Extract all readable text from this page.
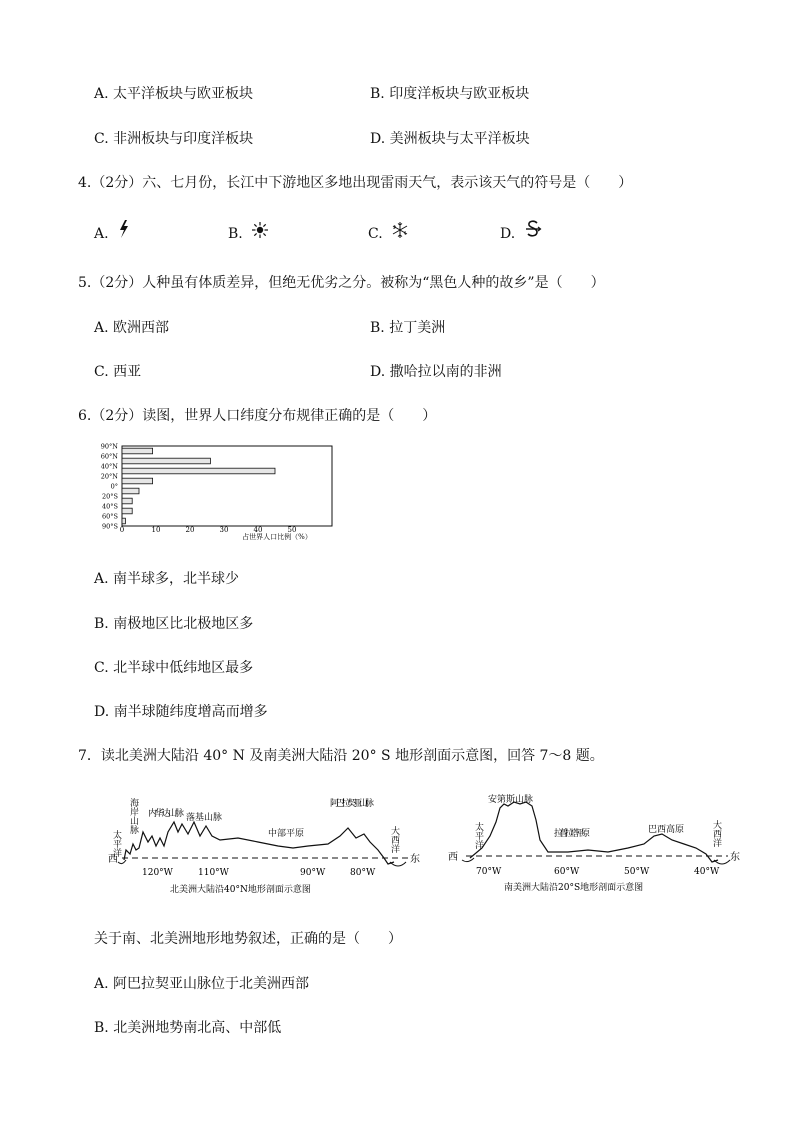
A. 太平洋板块与欧亚板块	B. 印度洋板块与欧亚板块
C. 非洲板块与印度洋板块	D. 美洲板块与太平洋板块
4.（2分）六、七月份，长江中下游地区多地出现雷雨天气，表示该天气的符号是（　　）
A.	B.	C.	D.
5.（2分）人种虽有体质差异，但绝无优劣之分。被称为“黑色人种的故乡”是（　　）
A. 欧洲西部	B. 拉丁美洲
C. 西亚	D. 撒哈拉以南的非洲
6.（2分）读图，世界人口纬度分布规律正确的是（　　）
90°N
60°N
40°N
20°N
0°
20°S
40°S
60°S
90°S 0	10	20	30	40	50
占世界人口比例（%）
A. 南半球多，北半球少
B. 南极地区比北极地区多
C. 北半球中低纬地区最多
D. 南半球随纬度增高而增多
7．读北美洲大陆沿 40° N 及南美洲大陆沿 20° S 地形剖面示意图，回答 7～8 题。
西	东
太平洋
海岸山脉 内华达山脉 落基山脉
中部平原
阿巴拉契亚山脉
大西洋
120°W	110°W	90°W	80°W
北美洲大陆沿40°N地形剖面示意图
西	东
太平洋
安第斯山脉
拉普拉塔平原	巴西高原	大西洋
70°W	60°W	50°W	40°W
南美洲大陆沿20°S地形剖面示意图
关于南、北美洲地形地势叙述，正确的是（　　）
A. 阿巴拉契亚山脉位于北美洲西部
B. 北美洲地势南北高、中部低
